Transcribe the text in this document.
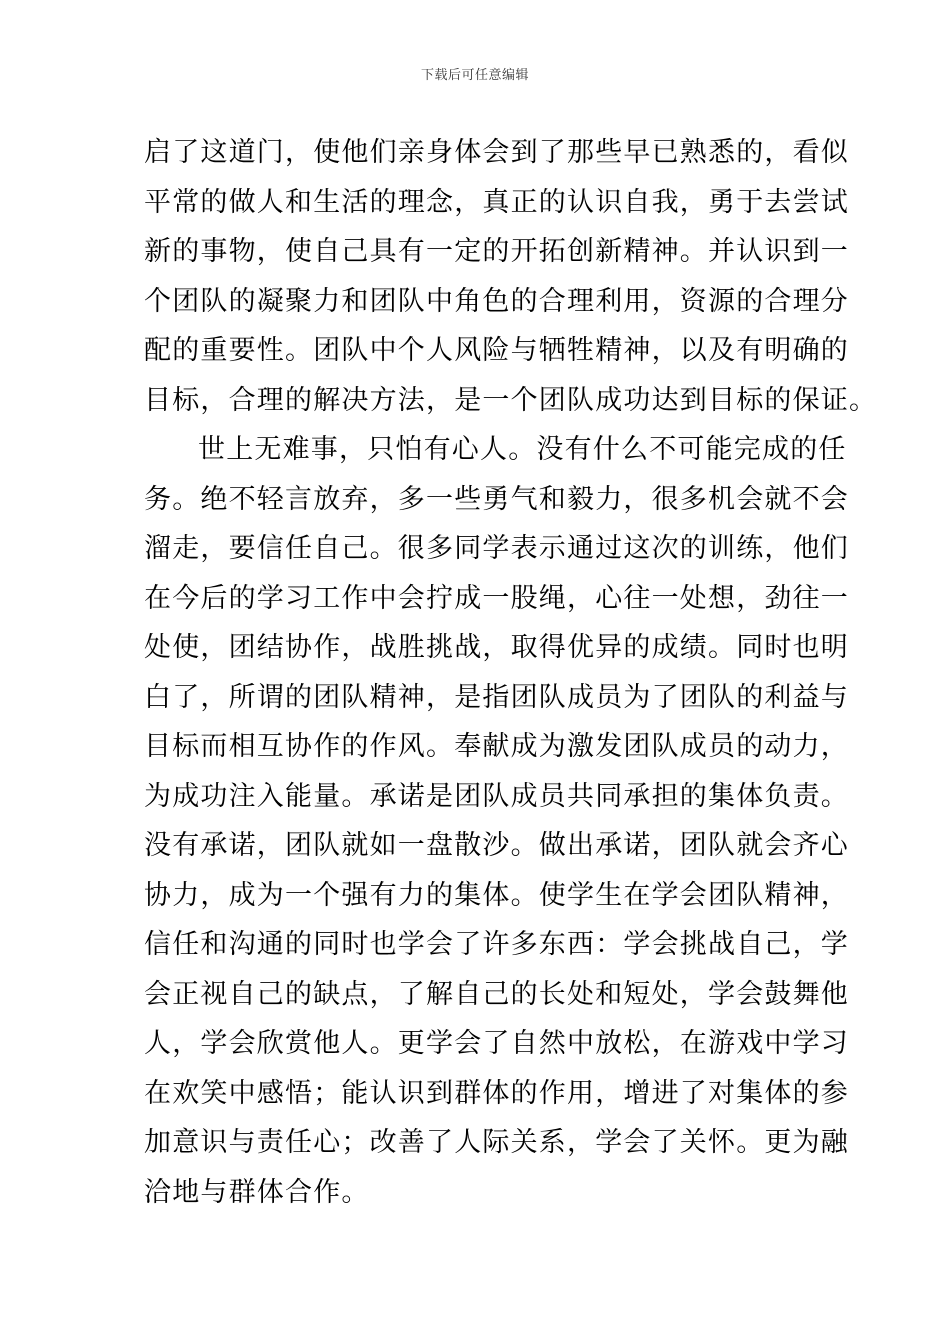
下载后可任意编辑
启了这道门，使他们亲身体会到了那些早已熟悉的，看似
平常的做人和生活的理念，真正的认识自我，勇于去尝试
新的事物，使自己具有一定的开拓创新精神。并认识到一
个团队的凝聚力和团队中角色的合理利用，资源的合理分
配的重要性。团队中个人风险与牺牲精神，以及有明确的
目标，合理的解决方法，是一个团队成功达到目标的保证。
世上无难事，只怕有心人。没有什么不可能完成的任
务。绝不轻言放弃，多一些勇气和毅力，很多机会就不会
溜走，要信任自己。很多同学表示通过这次的训练，他们
在今后的学习工作中会拧成一股绳，心往一处想，劲往一
处使，团结协作，战胜挑战，取得优异的成绩。同时也明
白了，所谓的团队精神，是指团队成员为了团队的利益与
目标而相互协作的作风。奉献成为激发团队成员的动力，
为成功注入能量。承诺是团队成员共同承担的集体负责。
没有承诺，团队就如一盘散沙。做出承诺，团队就会齐心
协力，成为一个强有力的集体。使学生在学会团队精神，
信任和沟通的同时也学会了许多东西：学会挑战自己，学
会正视自己的缺点，了解自己的长处和短处，学会鼓舞他
人，学会欣赏他人。更学会了自然中放松，在游戏中学习
在欢笑中感悟；能认识到群体的作用，增进了对集体的参
加意识与责任心；改善了人际关系，学会了关怀。更为融
洽地与群体合作。
